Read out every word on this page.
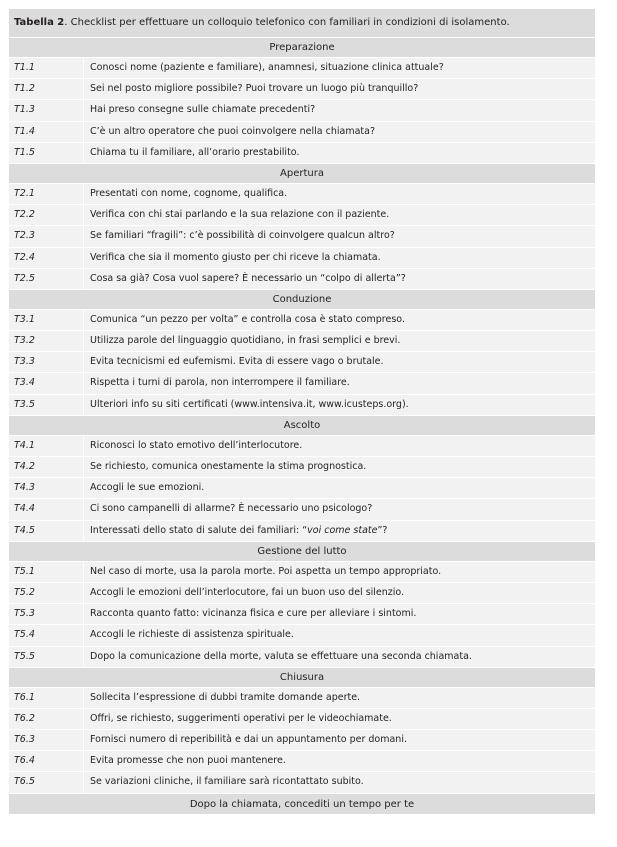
Tabella 2. Checklist per effettuare un colloquio telefonico con familiari in condizioni di isolamento.
Preparazione
T1.1	Conosci nome (paziente e familiare), anamnesi, situazione clinica attuale?
T1.2	Sei nel posto migliore possibile? Puoi trovare un luogo più tranquillo?
T1.3	Hai preso consegne sulle chiamate precedenti?
T1.4	C’è un altro operatore che puoi coinvolgere nella chiamata?
T1.5	Chiama tu il familiare, all’orario prestabilito.
Apertura
T2.1	Presentati con nome, cognome, qualifica.
T2.2	Verifica con chi stai parlando e la sua relazione con il paziente.
T2.3	Se familiari “fragili”: c’è possibilità di coinvolgere qualcun altro?
T2.4	Verifica che sia il momento giusto per chi riceve la chiamata.
T2.5	Cosa sa già? Cosa vuol sapere? È necessario un “colpo di allerta”?
Conduzione
T3.1	Comunica “un pezzo per volta” e controlla cosa è stato compreso.
T3.2	Utilizza parole del linguaggio quotidiano, in frasi semplici e brevi.
T3.3	Evita tecnicismi ed eufemismi. Evita di essere vago o brutale.
T3.4	Rispetta i turni di parola, non interrompere il familiare.
T3.5	Ulteriori info su siti certificati (www.intensiva.it, www.icusteps.org).
Ascolto
T4.1	Riconosci lo stato emotivo dell’interlocutore.
T4.2	Se richiesto, comunica onestamente la stima prognostica.
T4.3	Accogli le sue emozioni.
T4.4	Ci sono campanelli di allarme? È necessario uno psicologo?
T4.5	Interessati dello stato di salute dei familiari: “voi come state”?
Gestione del lutto
T5.1	Nel caso di morte, usa la parola morte. Poi aspetta un tempo appropriato.
T5.2	Accogli le emozioni dell’interlocutore, fai un buon uso del silenzio.
T5.3	Racconta quanto fatto: vicinanza fisica e cure per alleviare i sintomi.
T5.4	Accogli le richieste di assistenza spirituale.
T5.5	Dopo la comunicazione della morte, valuta se effettuare una seconda chiamata.
Chiusura
T6.1	Sollecita l’espressione di dubbi tramite domande aperte.
T6.2	Offri, se richiesto, suggerimenti operativi per le videochiamate.
T6.3	Fornisci numero di reperibilità e dai un appuntamento per domani.
T6.4	Evita promesse che non puoi mantenere.
T6.5	Se variazioni cliniche, il familiare sarà ricontattato subito.
Dopo la chiamata, concediti un tempo per te
